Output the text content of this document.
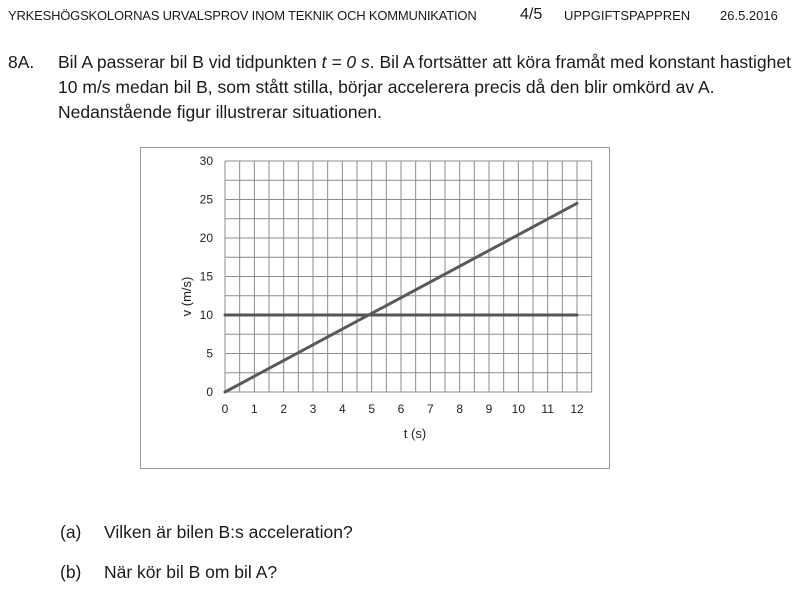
YRKESHÖGSKOLORNAS URVALSPROV INOM TEKNIK OCH KOMMUNIKATION	4/5 UPPGIFTSPAPPREN 26.5.2016
8A. Bil A passerar bil B vid tidpunkten t = 0 s. Bil A fortsätter att köra framåt med konstant hastighet 10 m/s medan bil B, som stått stilla, börjar accelerera precis då den blir omkörd av A. Nedanstående figur illustrerar situationen.
0
5
10
15
20
25
30
0 1 2 3 4 5 6 7 8 9 10 11 12
t (s)
v (m/s)
(a) Vilken är bilen B:s acceleration?
(b) När kör bil B om bil A?
